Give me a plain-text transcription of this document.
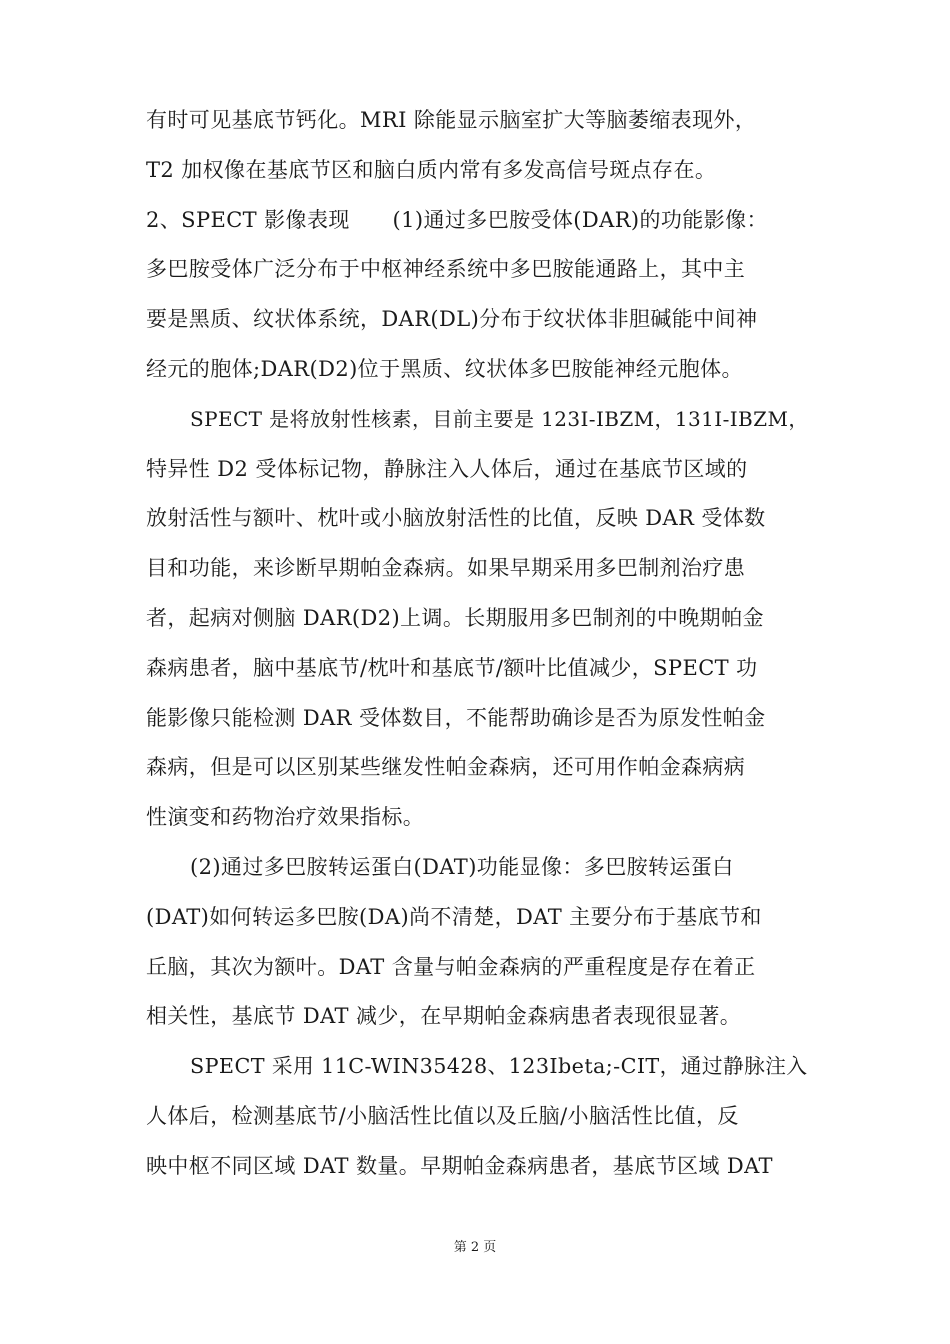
有时可见基底节钙化。MRI 除能显示脑室扩大等脑萎缩表现外，
T2 加权像在基底节区和脑白质内常有多发高信号斑点存在。
2、SPECT 影像表现　　(1)通过多巴胺受体(DAR)的功能影像：
多巴胺受体广泛分布于中枢神经系统中多巴胺能通路上，其中主
要是黑质、纹状体系统，DAR(DL)分布于纹状体非胆碱能中间神
经元的胞体;DAR(D2)位于黑质、纹状体多巴胺能神经元胞体。
SPECT 是将放射性核素，目前主要是 123I-IBZM，131I-IBZM，
特异性 D2 受体标记物，静脉注入人体后，通过在基底节区域的
放射活性与额叶、枕叶或小脑放射活性的比值，反映 DAR 受体数
目和功能，来诊断早期帕金森病。如果早期采用多巴制剂治疗患
者，起病对侧脑 DAR(D2)上调。长期服用多巴制剂的中晚期帕金
森病患者，脑中基底节/枕叶和基底节/额叶比值减少，SPECT 功
能影像只能检测 DAR 受体数目，不能帮助确诊是否为原发性帕金
森病，但是可以区别某些继发性帕金森病，还可用作帕金森病病
性演变和药物治疗效果指标。
(2)通过多巴胺转运蛋白(DAT)功能显像：多巴胺转运蛋白
(DAT)如何转运多巴胺(DA)尚不清楚，DAT 主要分布于基底节和
丘脑，其次为额叶。DAT 含量与帕金森病的严重程度是存在着正
相关性，基底节 DAT 减少，在早期帕金森病患者表现很显著。
SPECT 采用 11C-WIN35428、123Ibeta;-CIT，通过静脉注入
人体后，检测基底节/小脑活性比值以及丘脑/小脑活性比值，反
映中枢不同区域 DAT 数量。早期帕金森病患者，基底节区域 DAT
第 2 页
